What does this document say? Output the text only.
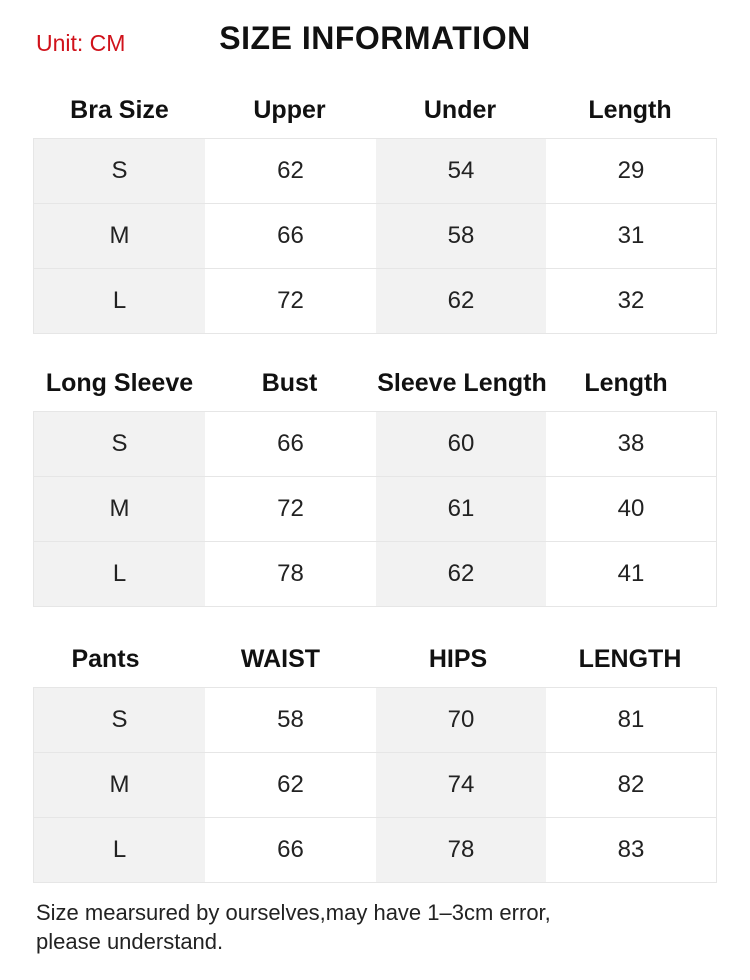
Unit: CM	SIZE INFORMATION
Bra Size	Upper	Under	Length
S	62	54	29
M	66	58	31
L	72	62	32
Long Sleeve	Bust	Sleeve Length	Length
S	66	60	38
M	72	61	40
L	78	62	41
Pants	WAIST	HIPS	LENGTH
S	58	70	81
M	62	74	82
L	66	78	83
Size mearsured by ourselves,may have 1–3cm error,
please understand.
